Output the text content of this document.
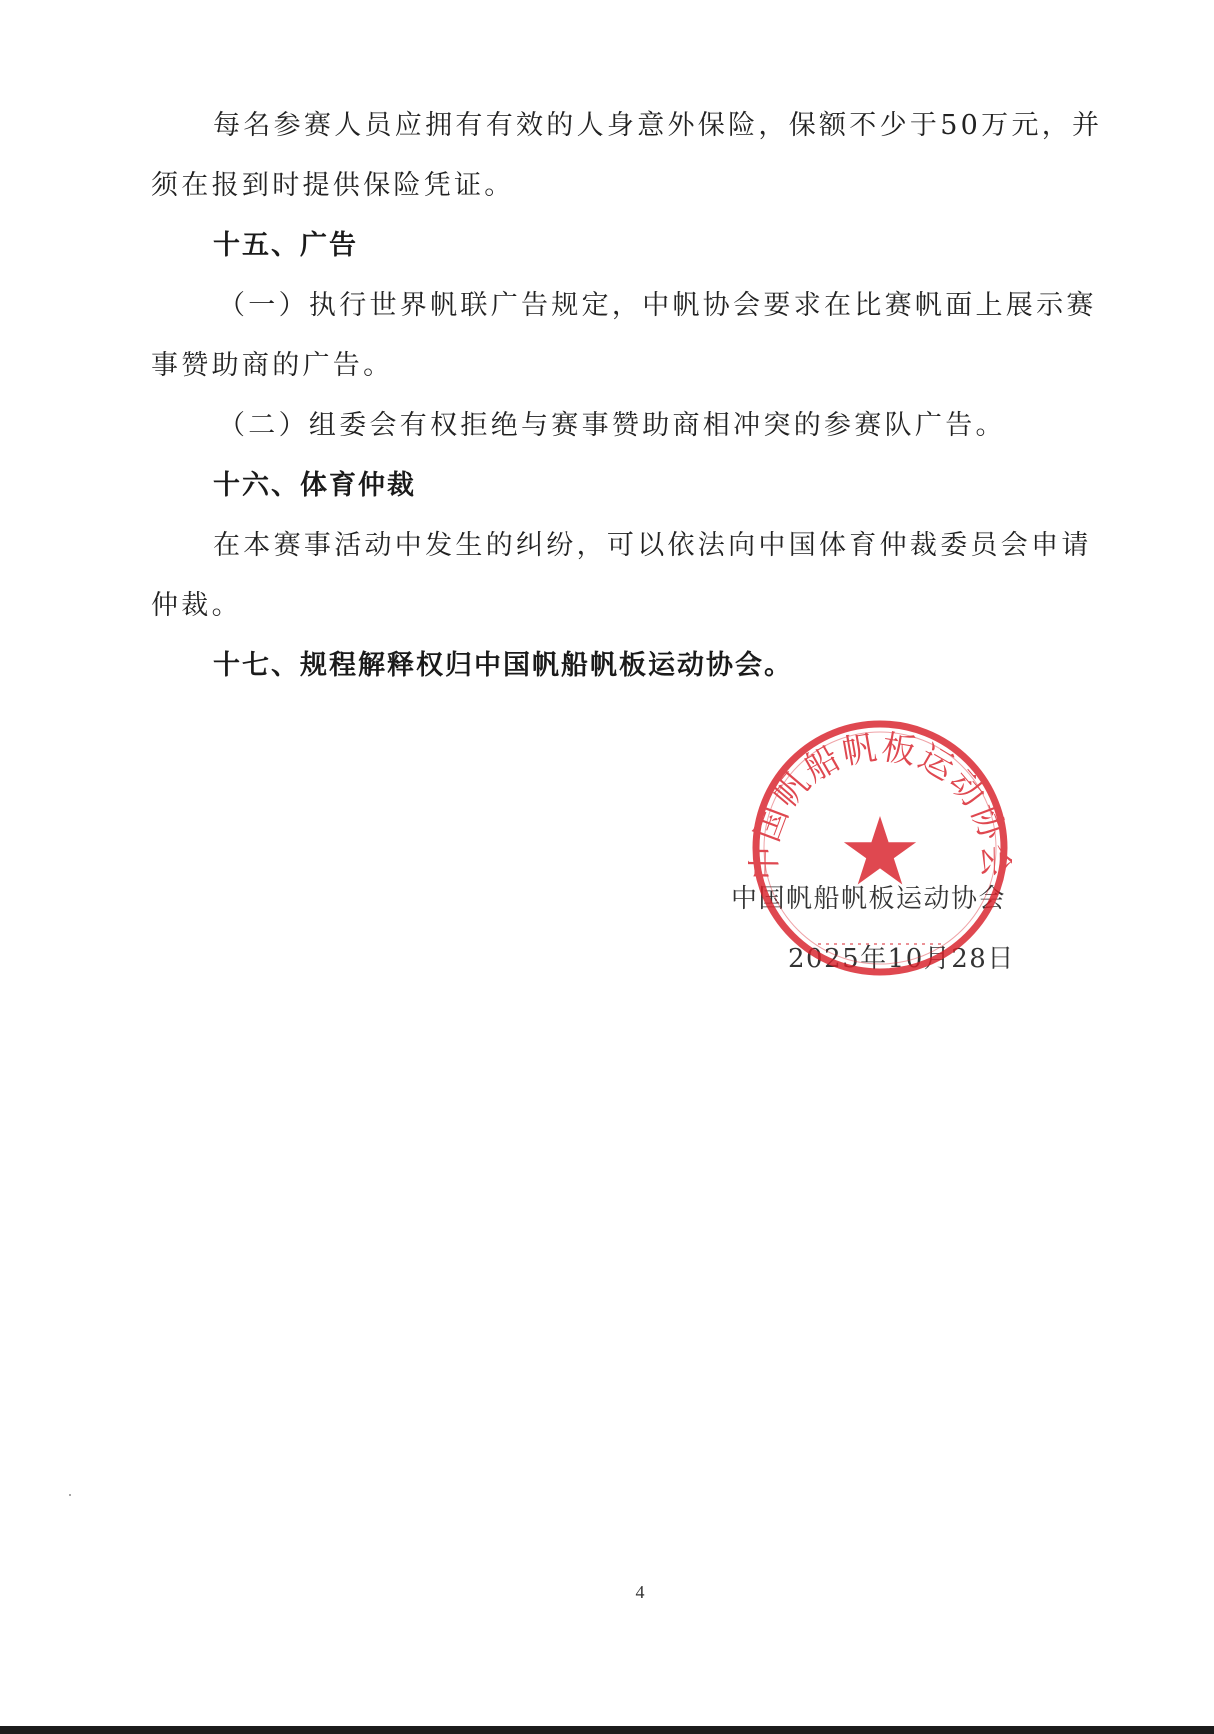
每名参赛人员应拥有有效的人身意外保险，保额不少于50万元，并
须在报到时提供保险凭证。
十五、广告
（一）执行世界帆联广告规定，中帆协会要求在比赛帆面上展示赛
事赞助商的广告。
（二）组委会有权拒绝与赛事赞助商相冲突的参赛队广告。
十六、体育仲裁
在本赛事活动中发生的纠纷，可以依法向中国体育仲裁委员会申请
仲裁。
十七、规程解释权归中国帆船帆板运动协会。
中国帆船帆板运动协会
2025年10月28日
中国帆船帆板运动协会
4
